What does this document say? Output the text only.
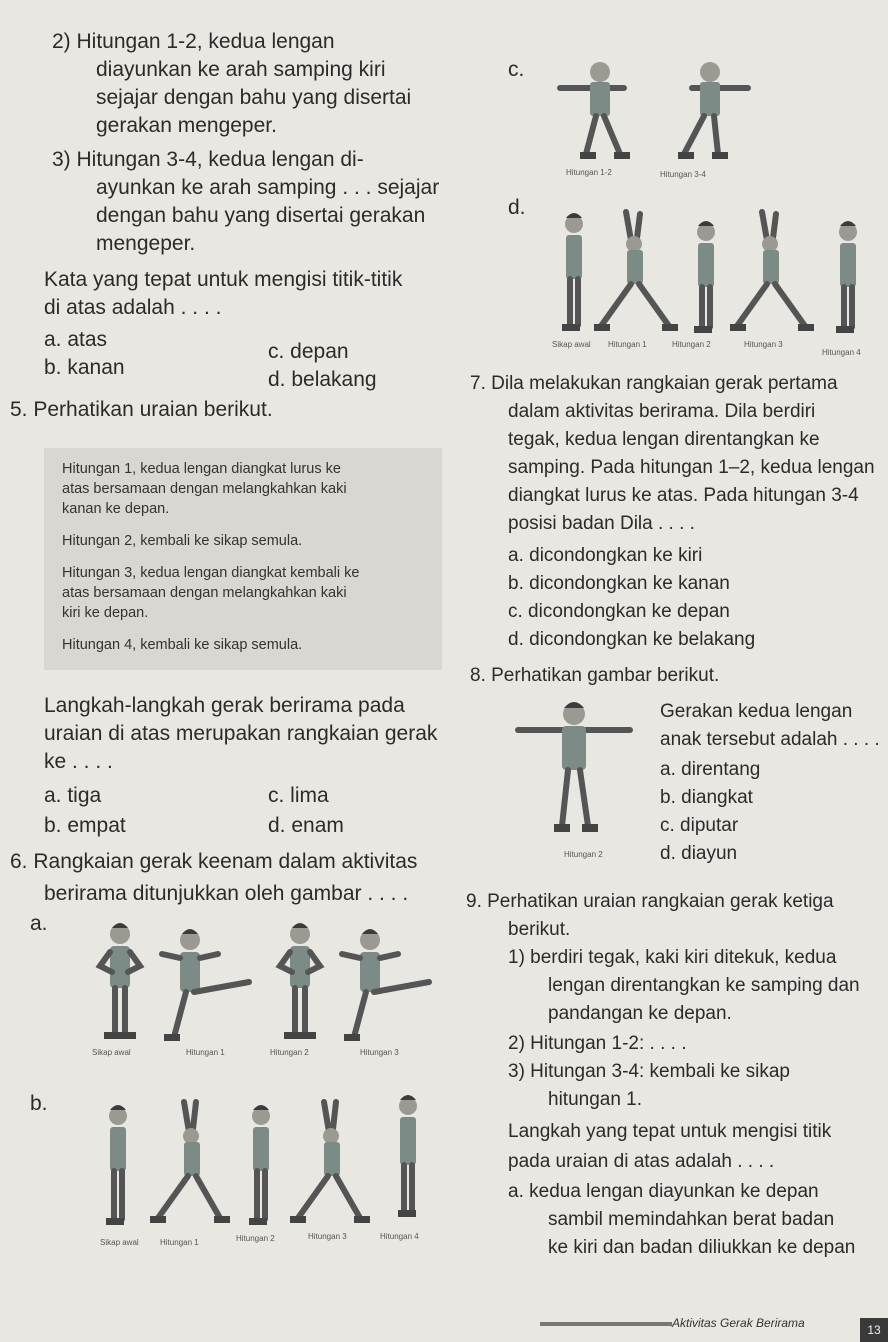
2) Hitungan 1-2, kedua lengan
diayunkan ke arah samping kiri
sejajar dengan bahu yang disertai
gerakan mengeper.
3) Hitungan 3-4, kedua lengan di-
ayunkan ke arah samping . . . sejajar
dengan bahu yang disertai gerakan
mengeper.
Kata yang tepat untuk mengisi titik-titik
di atas adalah . . . .
a. atas
b. kanan
c. depan
d. belakang
5. Perhatikan uraian berikut.
Hitungan 1, kedua lengan diangkat lurus ke
atas bersamaan dengan melangkahkan kaki
kanan ke depan.
Hitungan 2, kembali ke sikap semula.
Hitungan 3, kedua lengan diangkat kembali ke
atas bersamaan dengan melangkahkan kaki
kiri ke depan.
Hitungan 4, kembali ke sikap semula.
Langkah-langkah gerak berirama pada
uraian di atas merupakan rangkaian gerak
ke . . . .
a. tiga	c. lima
b. empat	d. enam
6. Rangkaian gerak keenam dalam aktivitas
berirama ditunjukkan oleh gambar . . . .
a.
Sikap awal	Hitungan 1	Hitungan 2	Hitungan 3
b.
Sikap awal	Hitungan 1	Hitungan 2	Hitungan 3	Hitungan 4
c.
Hitungan 1-2	Hitungan 3-4
d.
Sikap awal Hitungan 1	Hitungan 2	Hitungan 3
Hitungan 4
7. Dila melakukan rangkaian gerak pertama
dalam aktivitas berirama. Dila berdiri
tegak, kedua lengan direntangkan ke
samping. Pada hitungan 1–2, kedua lengan
diangkat lurus ke atas. Pada hitungan 3-4
posisi badan Dila . . . .
a. dicondongkan ke kiri
b. dicondongkan ke kanan
c. dicondongkan ke depan
d. dicondongkan ke belakang
8. Perhatikan gambar berikut.
Hitungan 2
Gerakan kedua lengan
anak tersebut adalah . . . .
a. direntang
b. diangkat
c. diputar
d. diayun
9. Perhatikan uraian rangkaian gerak ketiga
berikut.
1) berdiri tegak, kaki kiri ditekuk, kedua
lengan direntangkan ke samping dan
pandangan ke depan.
2) Hitungan 1-2: . . . .
3) Hitungan 3-4: kembali ke sikap
hitungan 1.
Langkah yang tepat untuk mengisi titik
pada uraian di atas adalah . . . .
a. kedua lengan diayunkan ke depan
sambil memindahkan berat badan
ke kiri dan badan diliukkan ke depan
Aktivitas Gerak Berirama	13
